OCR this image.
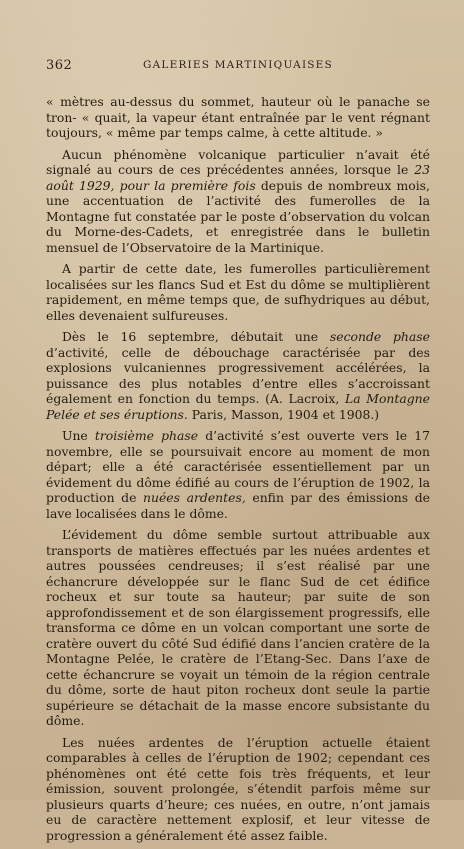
362	GALERIES MARTINIQUAISES

« mètres au-dessus du sommet, hauteur où le panache se tron- « quait, la vapeur étant entraînée par le vent régnant toujours, « même par temps calme, à cette altitude. »

Aucun phénomène volcanique particulier n’avait été signalé au cours de ces précédentes années, lorsque le 23 août 1929, pour la première fois depuis de nombreux mois, une accentuation de l’activité des fumerolles de la Montagne fut constatée par le poste d’observation du volcan du Morne-des-Cadets, et enregistrée dans le bulletin mensuel de l’Observatoire de la Martinique.

A partir de cette date, les fumerolles particulièrement localisées sur les flancs Sud et Est du dôme se multiplièrent rapidement, en même temps que, de sufhydriques au début, elles devenaient sulfureuses.

Dès le 16 septembre, débutait une seconde phase d’activité, celle de débouchage caractérisée par des explosions vulcaniennes progressivement accélérées, la puissance des plus notables d’entre elles s’accroissant également en fonction du temps. (A. Lacroix, La Montagne Pelée et ses éruptions. Paris, Masson, 1904 et 1908.)

Une troisième phase d’activité s’est ouverte vers le 17 novembre, elle se poursuivait encore au moment de mon départ; elle a été caractérisée essentiellement par un évidement du dôme édifié au cours de l’éruption de 1902, la production de nuées ardentes, enfin par des émissions de lave localisées dans le dôme.

L’évidement du dôme semble surtout attribuable aux transports de matières effectués par les nuées ardentes et autres poussées cendreuses; il s’est réalisé par une échancrure développée sur le flanc Sud de cet édifice rocheux et sur toute sa hauteur; par suite de son approfondissement et de son élargissement progressifs, elle transforma ce dôme en un volcan comportant une sorte de cratère ouvert du côté Sud édifié dans l’ancien cratère de la Montagne Pelée, le cratère de l’Etang-Sec. Dans l’axe de cette échancrure se voyait un témoin de la région centrale du dôme, sorte de haut piton rocheux dont seule la partie supérieure se détachait de la masse encore subsistante du dôme.

Les nuées ardentes de l’éruption actuelle étaient comparables à celles de l’éruption de 1902; cependant ces phénomènes ont été cette fois très fréquents, et leur émission, souvent prolongée, s’étendit parfois même sur plusieurs quarts d’heure; ces nuées, en outre, n’ont jamais eu de caractère nettement explosif, et leur vitesse de progression a généralement été assez faible.
